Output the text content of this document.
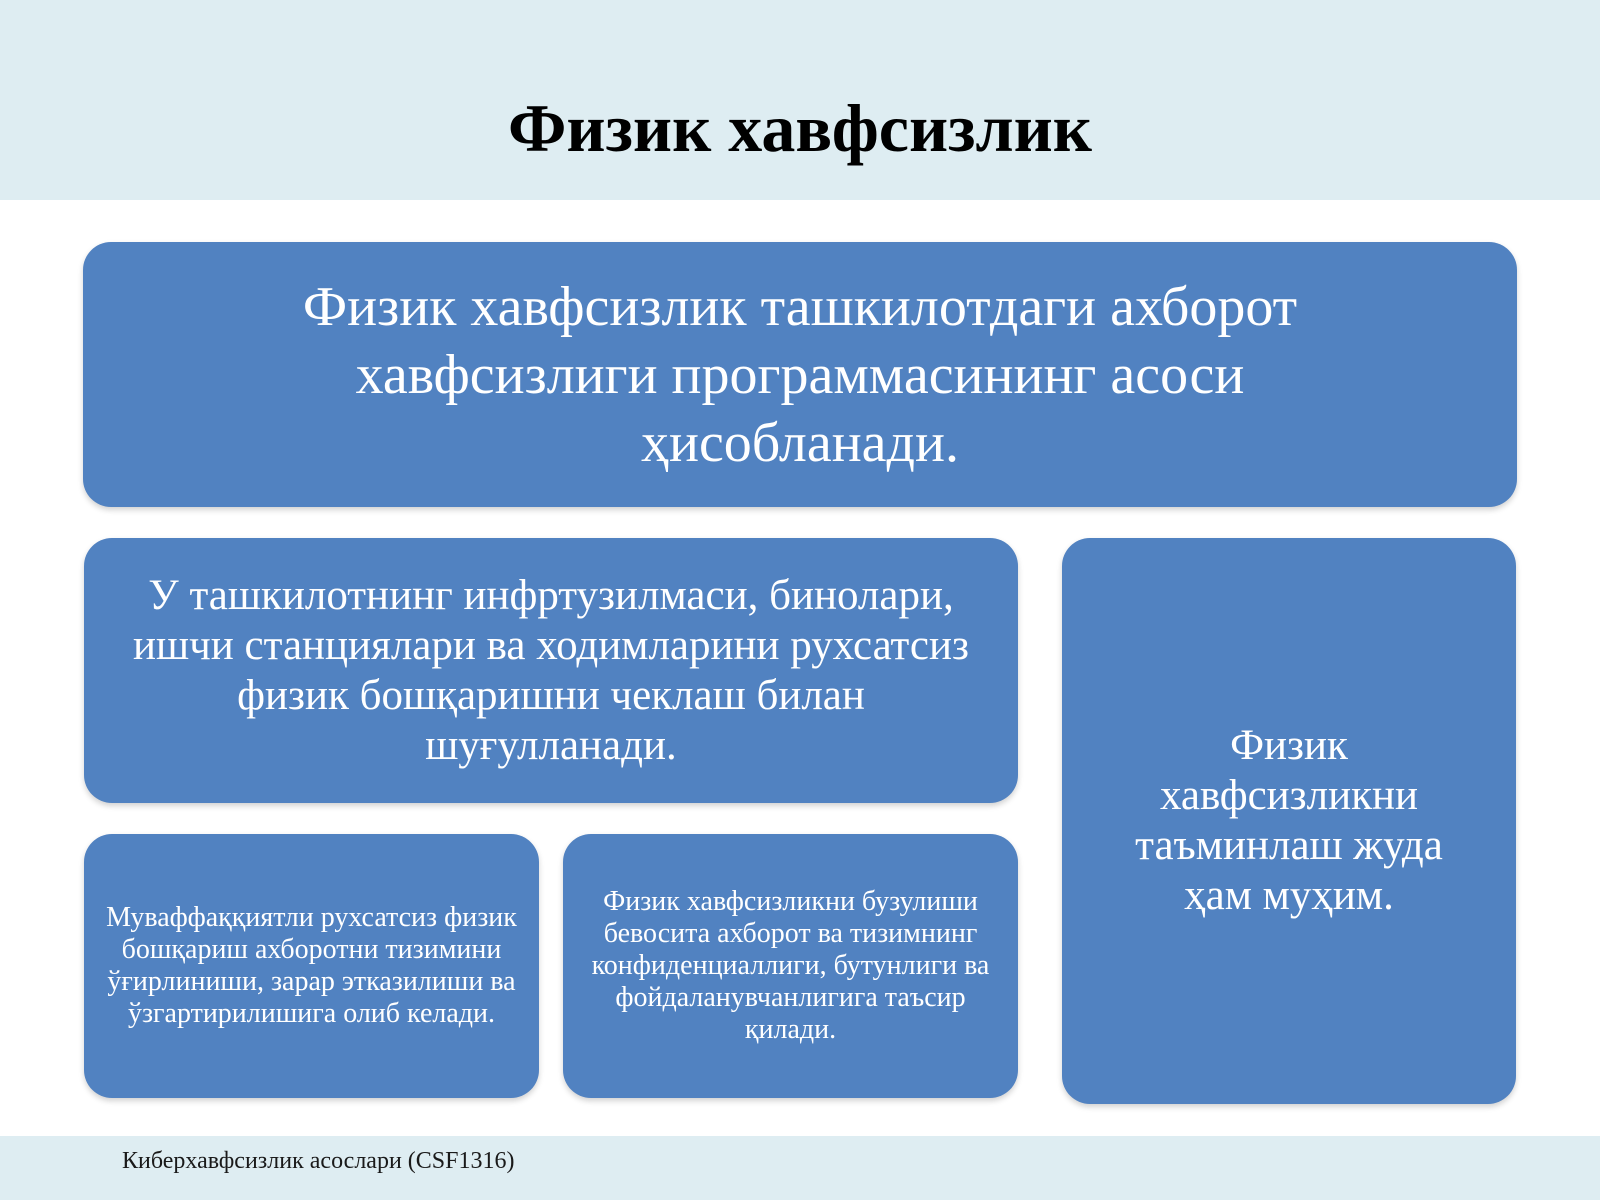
Физик хавфсизлик
Физик хавфсизлик ташкилотдаги ахборот хавфсизлиги программасининг асоси ҳисобланади.
У ташкилотнинг инфртузилмаси, бинолари, ишчи станциялари ва ходимларини рухсатсиз физик бошқаришни чеклаш билан шуғулланади.
Муваффаққиятли рухсатсиз физик бошқариш ахборотни тизимини ўғирлиниши, зарар этказилиши ва ўзгартирилишига олиб келади.
Физик хавфсизликни бузулиши бевосита ахборот ва тизимнинг конфиденциаллиги, бутунлиги ва фойдаланувчанлигига таъсир қилади.
Физик хавфсизликни таъминлаш жуда ҳам муҳим.
Киберхавфсизлик асослари (CSF1316)
